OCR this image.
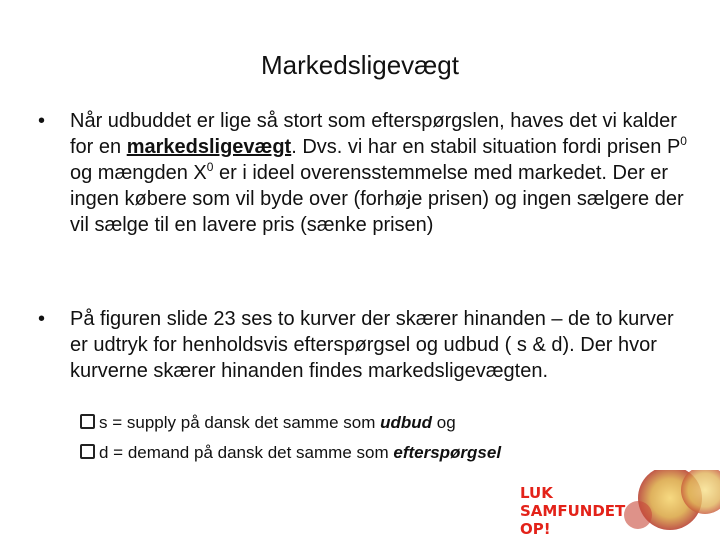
Markedsligevægt
•	Når udbuddet er lige så stort som efterspørgslen, haves det vi kalder for en markedsligevægt. Dvs. vi har en stabil situation fordi prisen $P^0$ og mængden $X^0$ er i ideel overensstemmelse med markedet. Der er ingen købere som vil byde over (forhøje prisen) og ingen sælgere der vil sælge til en lavere pris (sænke prisen)
•	På figuren slide 23 ses to kurver der skærer hinanden – de to kurver er udtryk for henholdsvis efterspørgsel og udbud ( s & d). Der hvor kurverne skærer hinanden findes markedsligevægten.
s = supply på dansk det samme som udbud og
d = demand på dansk det samme som efterspørgsel
LUK
SAMFUNDET
OP!
